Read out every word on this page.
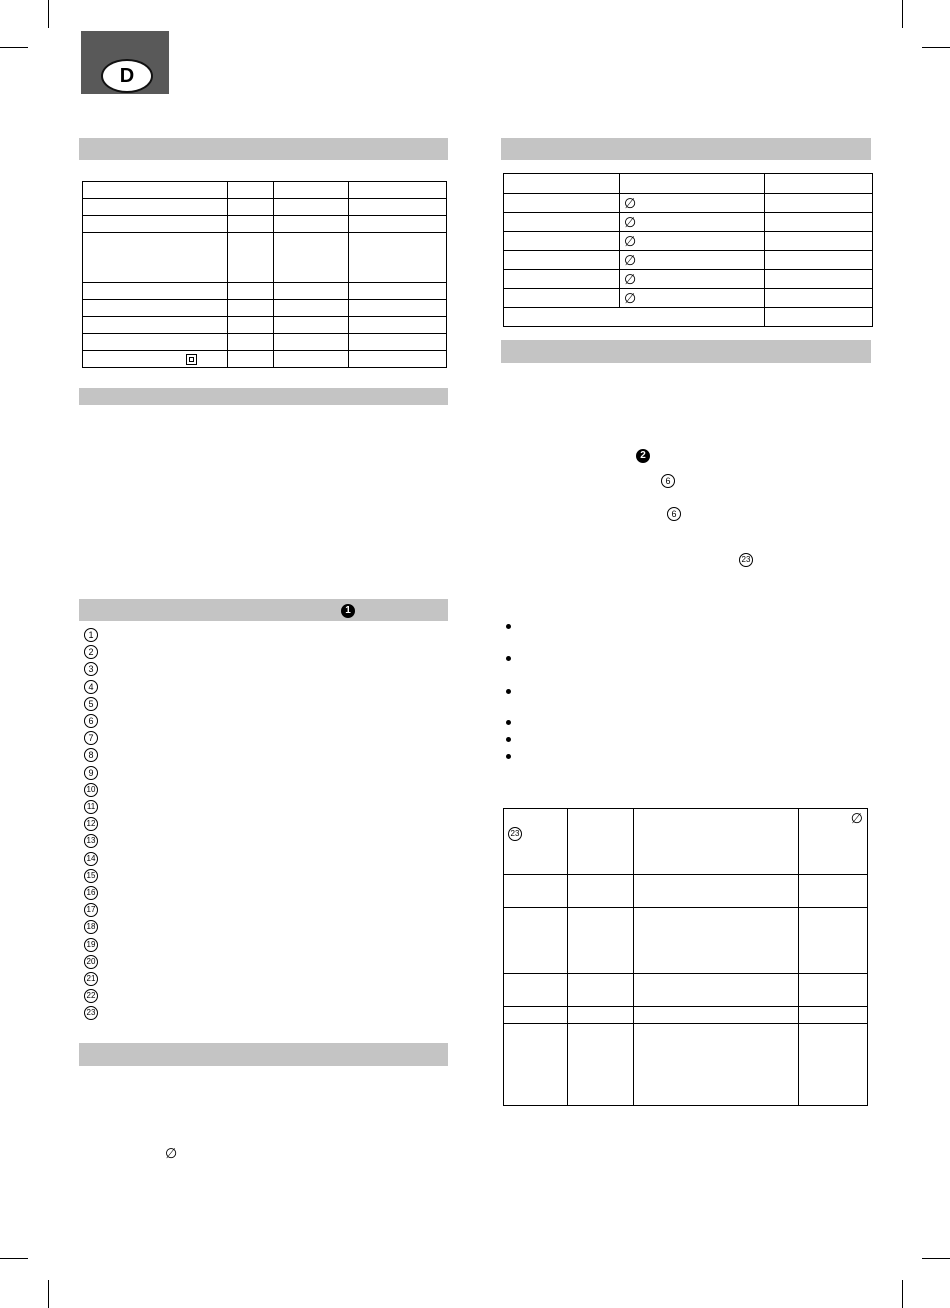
D

1
1
2
3
4
5
6
7
8
9
10
11
12
13
14
15
16
17
18
19
20
21
22
23
∅

	∅	
	∅	
	∅	
	∅	
	∅	
	∅	

2
6
6
23
23			∅
